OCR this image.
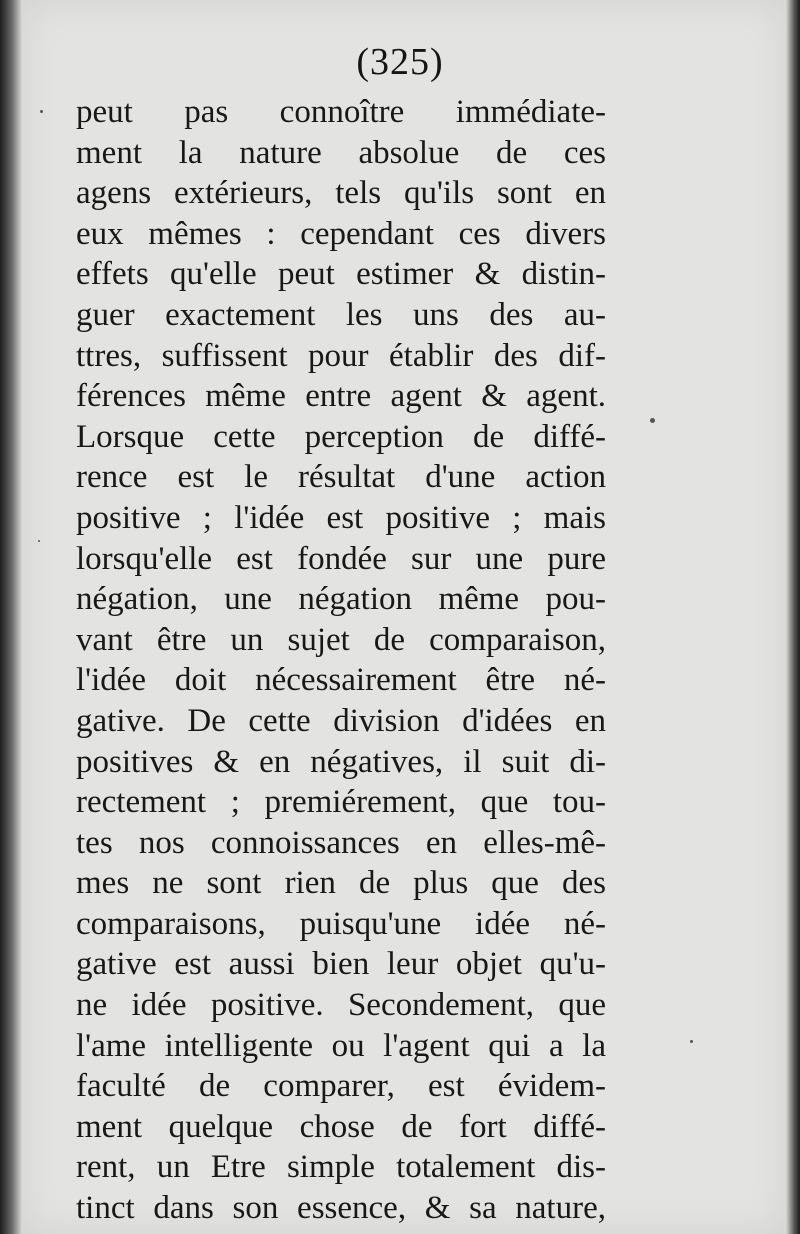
(325)
peut pas connoître immédiate-
ment la nature absolue de ces
agens extérieurs, tels qu'ils sont en
eux mêmes : cependant ces divers
effets qu'elle peut estimer & distin-
guer exactement les uns des au-
ttres, suffissent pour établir des dif-
férences même entre agent & agent.
Lorsque cette perception de diffé-
rence est le résultat d'une action
positive ; l'idée est positive ; mais
lorsqu'elle est fondée sur une pure
négation, une négation même pou-
vant être un sujet de comparaison,
l'idée doit nécessairement être né-
gative. De cette division d'idées en
positives & en négatives, il suit di-
rectement ; premiérement, que tou-
tes nos connoissances en elles-mê-
mes ne sont rien de plus que des
comparaisons, puisqu'une idée né-
gative est aussi bien leur objet qu'u-
ne idée positive. Secondement, que
l'ame intelligente ou l'agent qui a la
faculté de comparer, est évidem-
ment quelque chose de fort diffé-
rent, un Etre simple totalement dis-
tinct dans son essence, & sa nature,
